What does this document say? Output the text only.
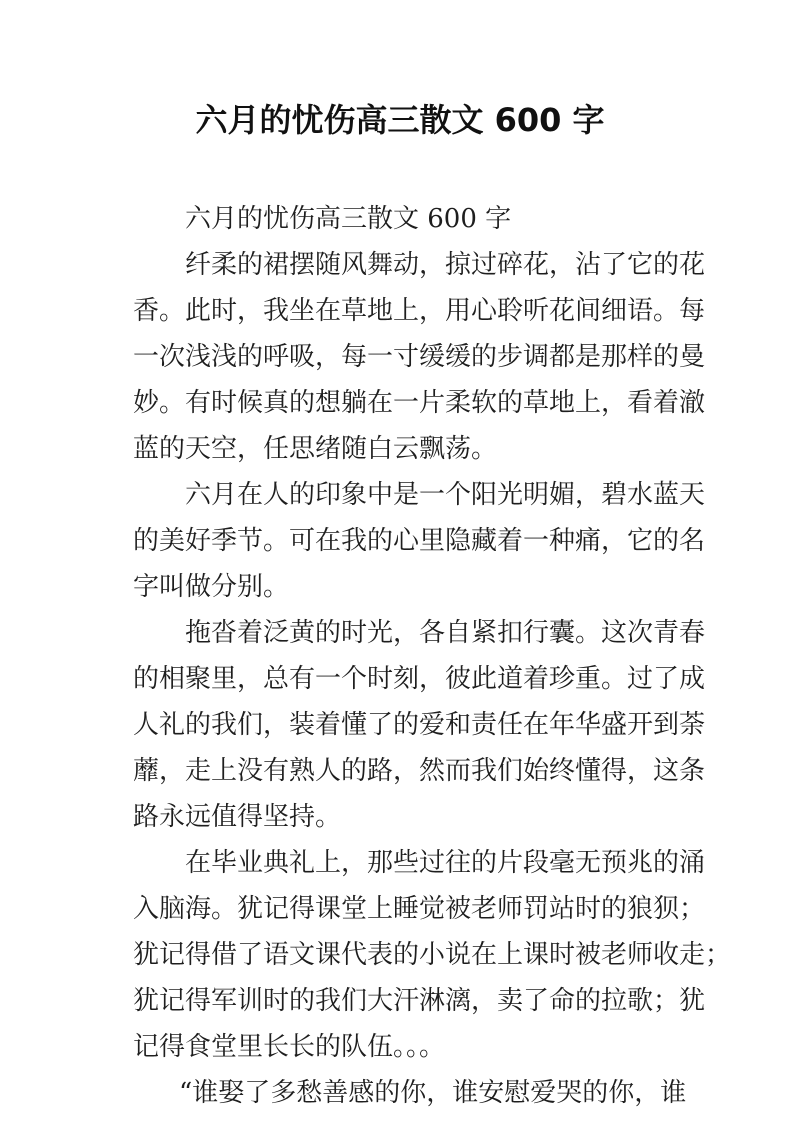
六月的忧伤高三散文 600 字
六月的忧伤高三散文 600 字
纤柔的裙摆随风舞动，掠过碎花，沾了它的花
香。此时，我坐在草地上，用心聆听花间细语。每
一次浅浅的呼吸，每一寸缓缓的步调都是那样的曼
妙。有时候真的想躺在一片柔软的草地上，看着澈
蓝的天空，任思绪随白云飘荡。
六月在人的印象中是一个阳光明媚，碧水蓝天
的美好季节。可在我的心里隐藏着一种痛，它的名
字叫做分别。
拖沓着泛黄的时光，各自紧扣行囊。这次青春
的相聚里，总有一个时刻，彼此道着珍重。过了成
人礼的我们，装着懂了的爱和责任在年华盛开到荼
蘼，走上没有熟人的路，然而我们始终懂得，这条
路永远值得坚持。
在毕业典礼上，那些过往的片段毫无预兆的涌
入脑海。犹记得课堂上睡觉被老师罚站时的狼狈；
犹记得借了语文课代表的小说在上课时被老师收走；
犹记得军训时的我们大汗淋漓，卖了命的拉歌；犹
记得食堂里长长的队伍。。。
“谁娶了多愁善感的你，谁安慰爱哭的你，谁
